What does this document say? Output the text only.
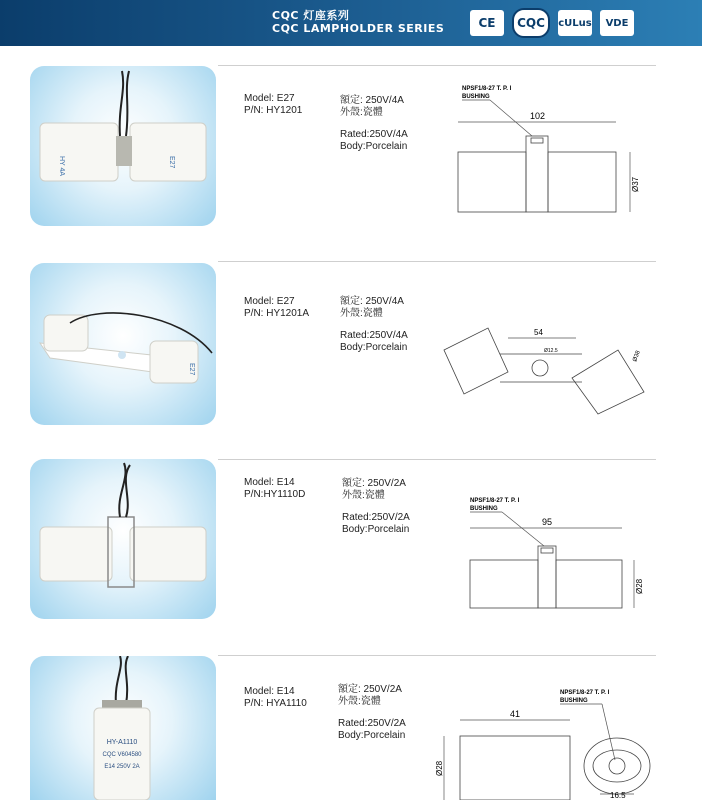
CQC 灯座系列
CQC LAMPHOLDER SERIES	CE	CQC	cULus	VDE
HY 4A	E27
Model: E27
P/N: HY1201
額定: 250V/4A
外殼:瓷體
Rated:250V/4A
Body:Porcelain
NPSF1/8-27 T. P. I
BUSHING
102
Ø37
E27
Model: E27
P/N: HY1201A
額定: 250V/4A
外殼:瓷體
Rated:250V/4A
Body:Porcelain
54
Ø12.5	Ø38
Model: E14
P/N:HY1110D
額定: 250V/2A
外殼:瓷體
Rated:250V/2A
Body:Porcelain
NPSF1/8-27 T. P. I
BUSHING
95
Ø28
HY-A1110
CQC V604580
E14 250V 2A
Model: E14
P/N: HYA1110
額定: 250V/2A
外殼:瓷體
Rated:250V/2A
Body:Porcelain
41
Ø28
NPSF1/8-27 T. P. I
BUSHING
16.5
